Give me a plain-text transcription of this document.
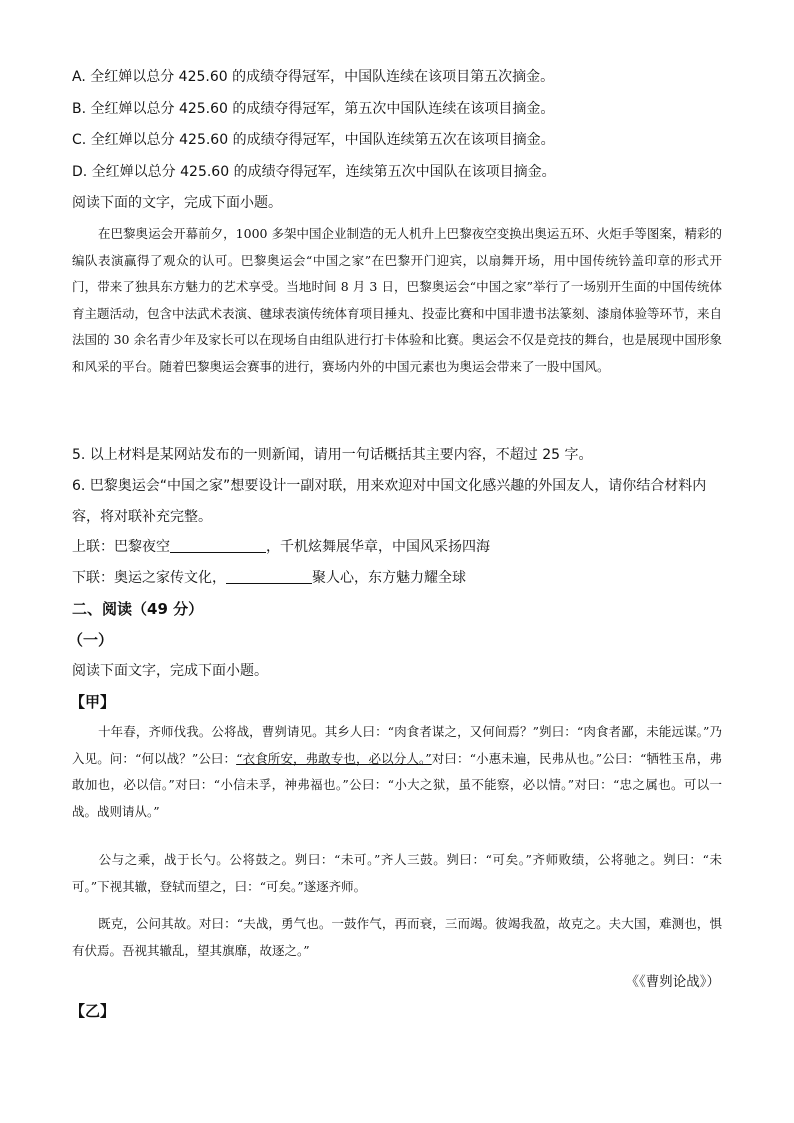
A. 全红婵以总分 425.60 的成绩夺得冠军，中国队连续在该项目第五次摘金。
B. 全红婵以总分 425.60 的成绩夺得冠军，第五次中国队连续在该项目摘金。
C. 全红婵以总分 425.60 的成绩夺得冠军，中国队连续第五次在该项目摘金。
D. 全红婵以总分 425.60 的成绩夺得冠军，连续第五次中国队在该项目摘金。
阅读下面的文字，完成下面小题。
在巴黎奥运会开幕前夕，1000 多架中国企业制造的无人机升上巴黎夜空变换出奥运五环、火炬手等图案，精彩的编队表演赢得了观众的认可。巴黎奥运会“中国之家”在巴黎开门迎宾，以扇舞开场，用中国传统钤盖印章的形式开门，带来了独具东方魅力的艺术享受。当地时间 8 月 3 日，巴黎奥运会“中国之家”举行了一场别开生面的中国传统体育主题活动，包含中法武术表演、毽球表演传统体育项目捶丸、投壶比赛和中国非遗书法篆刻、漆扇体验等环节，来自法国的 30 余名青少年及家长可以在现场自由组队进行打卡体验和比赛。奥运会不仅是竞技的舞台，也是展现中国形象和风采的平台。随着巴黎奥运会赛事的进行，赛场内外的中国元素也为奥运会带来了一股中国风。
5. 以上材料是某网站发布的一则新闻，请用一句话概括其主要内容，不超过 25 字。
6. 巴黎奥运会“中国之家”想要设计一副对联，用来欢迎对中国文化感兴趣的外国友人，请你结合材料内容，将对联补充完整。
上联：巴黎夜空	，千机炫舞展华章，中国风采扬四海
下联：奥运之家传文化，	聚人心，东方魅力耀全球
二、阅读（49 分）
（一）
阅读下面文字，完成下面小题。
【甲】
十年春，齐师伐我。公将战，曹刿请见。其乡人曰：“肉食者谋之，又何间焉？”刿曰：“肉食者鄙，未能远谋。”乃入见。问：“何以战？”公曰：“衣食所安，弗敢专也，必以分人。”对曰：“小惠未遍，民弗从也。”公曰：“牺牲玉帛，弗敢加也，必以信。”对曰：“小信未孚，神弗福也。”公曰：“小大之狱，虽不能察，必以情。”对曰：“忠之属也。可以一战。战则请从。”
公与之乘，战于长勺。公将鼓之。刿曰：“未可。”齐人三鼓。刿曰：“可矣。”齐师败绩，公将驰之。刿曰：“未可。”下视其辙，登轼而望之，曰：“可矣。”遂逐齐师。
既克，公问其故。对曰：“夫战，勇气也。一鼓作气，再而衰，三而竭。彼竭我盈，故克之。夫大国，难测也，惧有伏焉。吾视其辙乱，望其旗靡，故逐之。”
《《曹刿论战》）
【乙】
